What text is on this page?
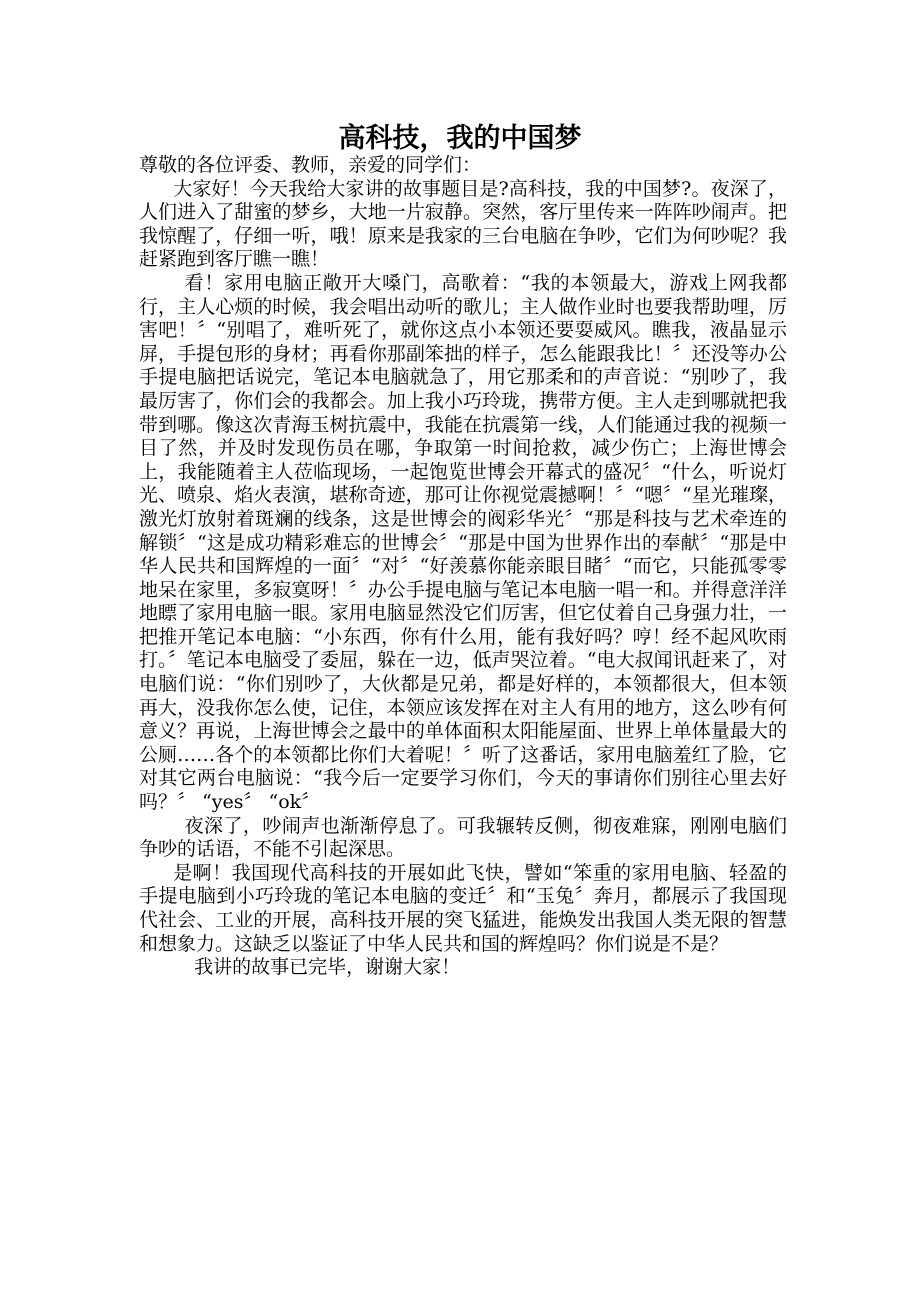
高科技，我的中国梦

尊敬的各位评委、教师，亲爱的同学们：

大家好！今天我给大家讲的故事题目是?高科技，我的中国梦?。夜深了，人们进入了甜蜜的梦乡，大地一片寂静。突然，客厅里传来一阵阵吵闹声。把我惊醒了，仔细一听，哦！原来是我家的三台电脑在争吵，它们为何吵呢？我赶紧跑到客厅瞧一瞧！

看！家用电脑正敞开大嗓门，高歌着：“我的本领最大，游戏上网我都行，主人心烦的时候，我会唱出动听的歌儿；主人做作业时也要我帮助哩，厉害吧！〞“别唱了，难听死了，就你这点小本领还要耍威风。瞧我，液晶显示屏，手提包形的身材；再看你那副笨拙的样子，怎么能跟我比！〞还没等办公手提电脑把话说完，笔记本电脑就急了，用它那柔和的声音说：“别吵了，我最厉害了，你们会的我都会。加上我小巧玲珑，携带方便。主人走到哪就把我带到哪。像这次青海玉树抗震中，我能在抗震第一线，人们能通过我的视频一目了然，并及时发现伤员在哪，争取第一时间抢救，减少伤亡；上海世博会上，我能随着主人莅临现场，一起饱览世博会开幕式的盛况〞“什么，听说灯光、喷泉、焰火表演，堪称奇迹，那可让你视觉震撼啊！〞“嗯〞“星光璀璨，激光灯放射着斑斓的线条，这是世博会的阀彩华光〞“那是科技与艺术牵连的解锁〞“这是成功精彩难忘的世博会〞“那是中国为世界作出的奉献〞“那是中华人民共和国辉煌的一面〞“对〞“好羡慕你能亲眼目睹〞“而它，只能孤零零地呆在家里，多寂寞呀！〞办公手提电脑与笔记本电脑一唱一和。并得意洋洋地瞟了家用电脑一眼。家用电脑显然没它们厉害，但它仗着自己身强力壮，一把推开笔记本电脑：“小东西，你有什么用，能有我好吗？哼！经不起风吹雨打。〞笔记本电脑受了委屈，躲在一边，低声哭泣着。“电大叔闻讯赶来了，对电脑们说：“你们别吵了，大伙都是兄弟，都是好样的，本领都很大，但本领再大，没我你怎么使，记住，本领应该发挥在对主人有用的地方，这么吵有何意义？再说，上海世博会之最中的单体面积太阳能屋面、世界上单体量最大的公厕……各个的本领都比你们大着呢！〞听了这番话，家用电脑羞红了脸，它对其它两台电脑说：“我今后一定要学习你们，今天的事请你们别往心里去好吗？〞 “yes〞 “ok〞

夜深了，吵闹声也渐渐停息了。可我辗转反侧，彻夜难寐，刚刚电脑们争吵的话语，不能不引起深思。

是啊！我国现代高科技的开展如此飞快，譬如“笨重的家用电脑、轻盈的手提电脑到小巧玲珑的笔记本电脑的变迁〞和“玉兔〞奔月，都展示了我国现代社会、工业的开展，高科技开展的突飞猛进，能焕发出我国人类无限的智慧和想象力。这缺乏以鉴证了中华人民共和国的辉煌吗？你们说是不是？

我讲的故事已完毕，谢谢大家！
